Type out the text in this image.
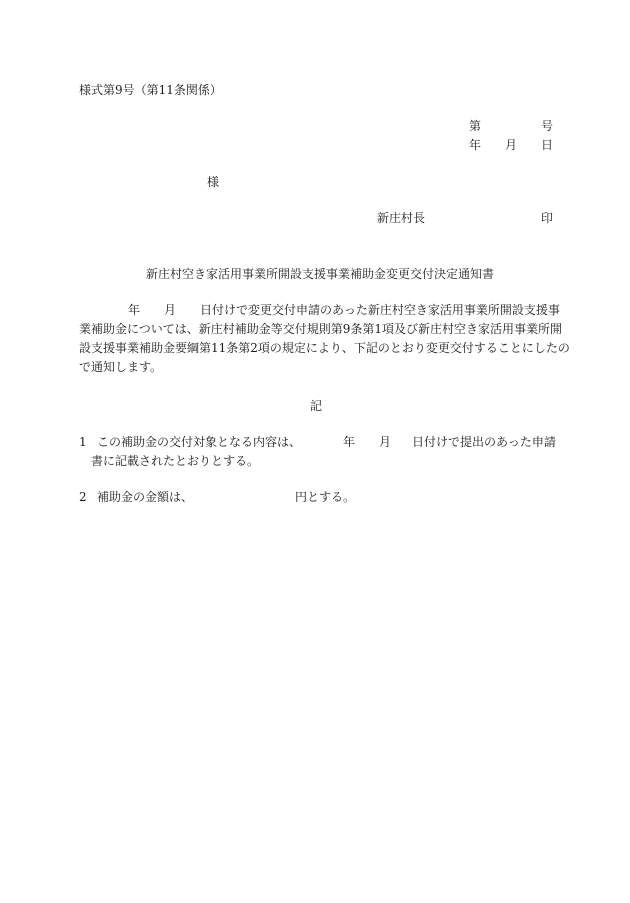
様式第9号（第11条関係）
第	号
年 月 日
様
新庄村長	印
新庄村空き家活用事業所開設支援事業補助金変更交付決定通知書
年 月 日付けで変更交付申請のあった新庄村空き家活用事業所開設支援事
業補助金については、新庄村補助金等交付規則第9条第1項及び新庄村空き家活用事業所開
設支援事業補助金要綱第11条第2項の規定により、下記のとおり変更交付することにしたの
で通知します。
記
1 この補助金の交付対象となる内容は、	年 月 日付けで提出のあった申請
書に記載されたとおりとする。
2 補助金の金額は、	円とする。
